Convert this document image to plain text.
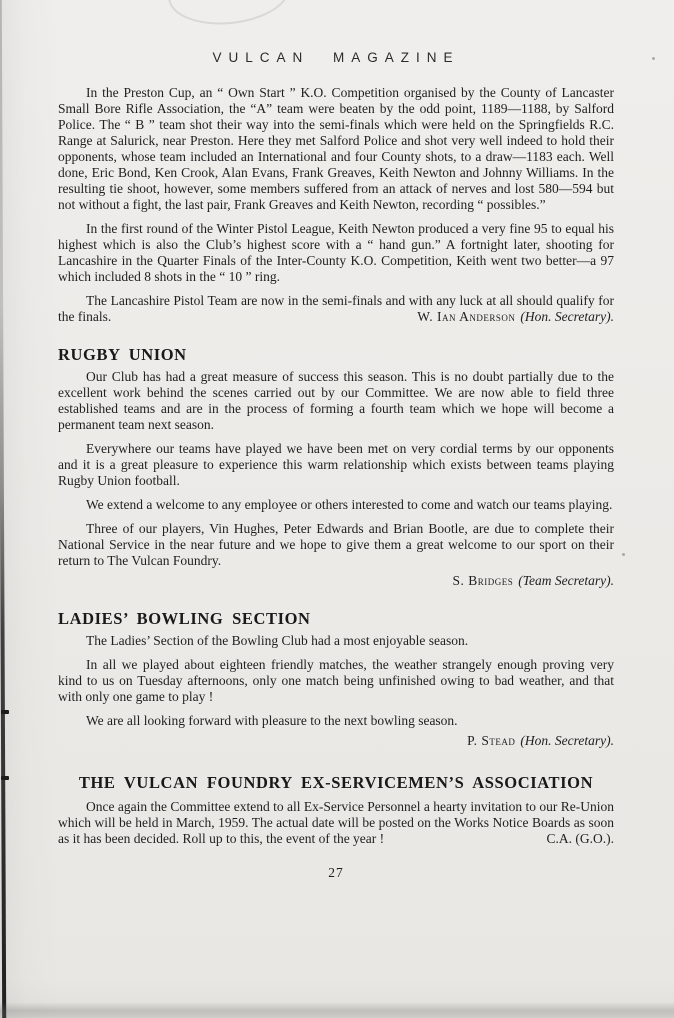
VULCAN MAGAZINE

In the Preston Cup, an “ Own Start ” K.O. Competition organised by the County of Lancaster Small Bore Rifle Association, the “A” team were beaten by the odd point, 1189—1188, by Salford Police. The “ B ” team shot their way into the semi-finals which were held on the Springfields R.C. Range at Salurick, near Preston. Here they met Salford Police and shot very well indeed to hold their opponents, whose team included an International and four County shots, to a draw—1183 each. Well done, Eric Bond, Ken Crook, Alan Evans, Frank Greaves, Keith Newton and Johnny Williams. In the resulting tie shoot, however, some members suffered from an attack of nerves and lost 580—594 but not without a fight, the last pair, Frank Greaves and Keith Newton, recording “ possibles.”

In the first round of the Winter Pistol League, Keith Newton produced a very fine 95 to equal his highest which is also the Club’s highest score with a “ hand gun.” A fortnight later, shooting for Lancashire in the Quarter Finals of the Inter-County K.O. Competition, Keith went two better—a 97 which included 8 shots in the “ 10 ” ring.

The Lancashire Pistol Team are now in the semi-finals and with any luck at all should qualify for the finals.	W. Ian Anderson (Hon. Secretary).
RUGBY UNION

Our Club has had a great measure of success this season. This is no doubt partially due to the excellent work behind the scenes carried out by our Committee. We are now able to field three established teams and are in the process of forming a fourth team which we hope will become a permanent team next season.

Everywhere our teams have played we have been met on very cordial terms by our opponents and it is a great pleasure to experience this warm relationship which exists between teams playing Rugby Union football.

We extend a welcome to any employee or others interested to come and watch our teams playing.

Three of our players, Vin Hughes, Peter Edwards and Brian Bootle, are due to complete their National Service in the near future and we hope to give them a great welcome to our sport on their return to The Vulcan Foundry.

S. Bridges (Team Secretary).
LADIES’ BOWLING SECTION

The Ladies’ Section of the Bowling Club had a most enjoyable season.

In all we played about eighteen friendly matches, the weather strangely enough proving very kind to us on Tuesday afternoons, only one match being unfinished owing to bad weather, and that with only one game to play !

We are all looking forward with pleasure to the next bowling season.

P. Stead (Hon. Secretary).
THE VULCAN FOUNDRY EX-SERVICEMEN’S ASSOCIATION

Once again the Committee extend to all Ex-Service Personnel a hearty invitation to our Re-Union which will be held in March, 1959. The actual date will be posted on the Works Notice Boards as soon as it has been decided. Roll up to this, the event of the year !	C.A. (G.O.).
27
